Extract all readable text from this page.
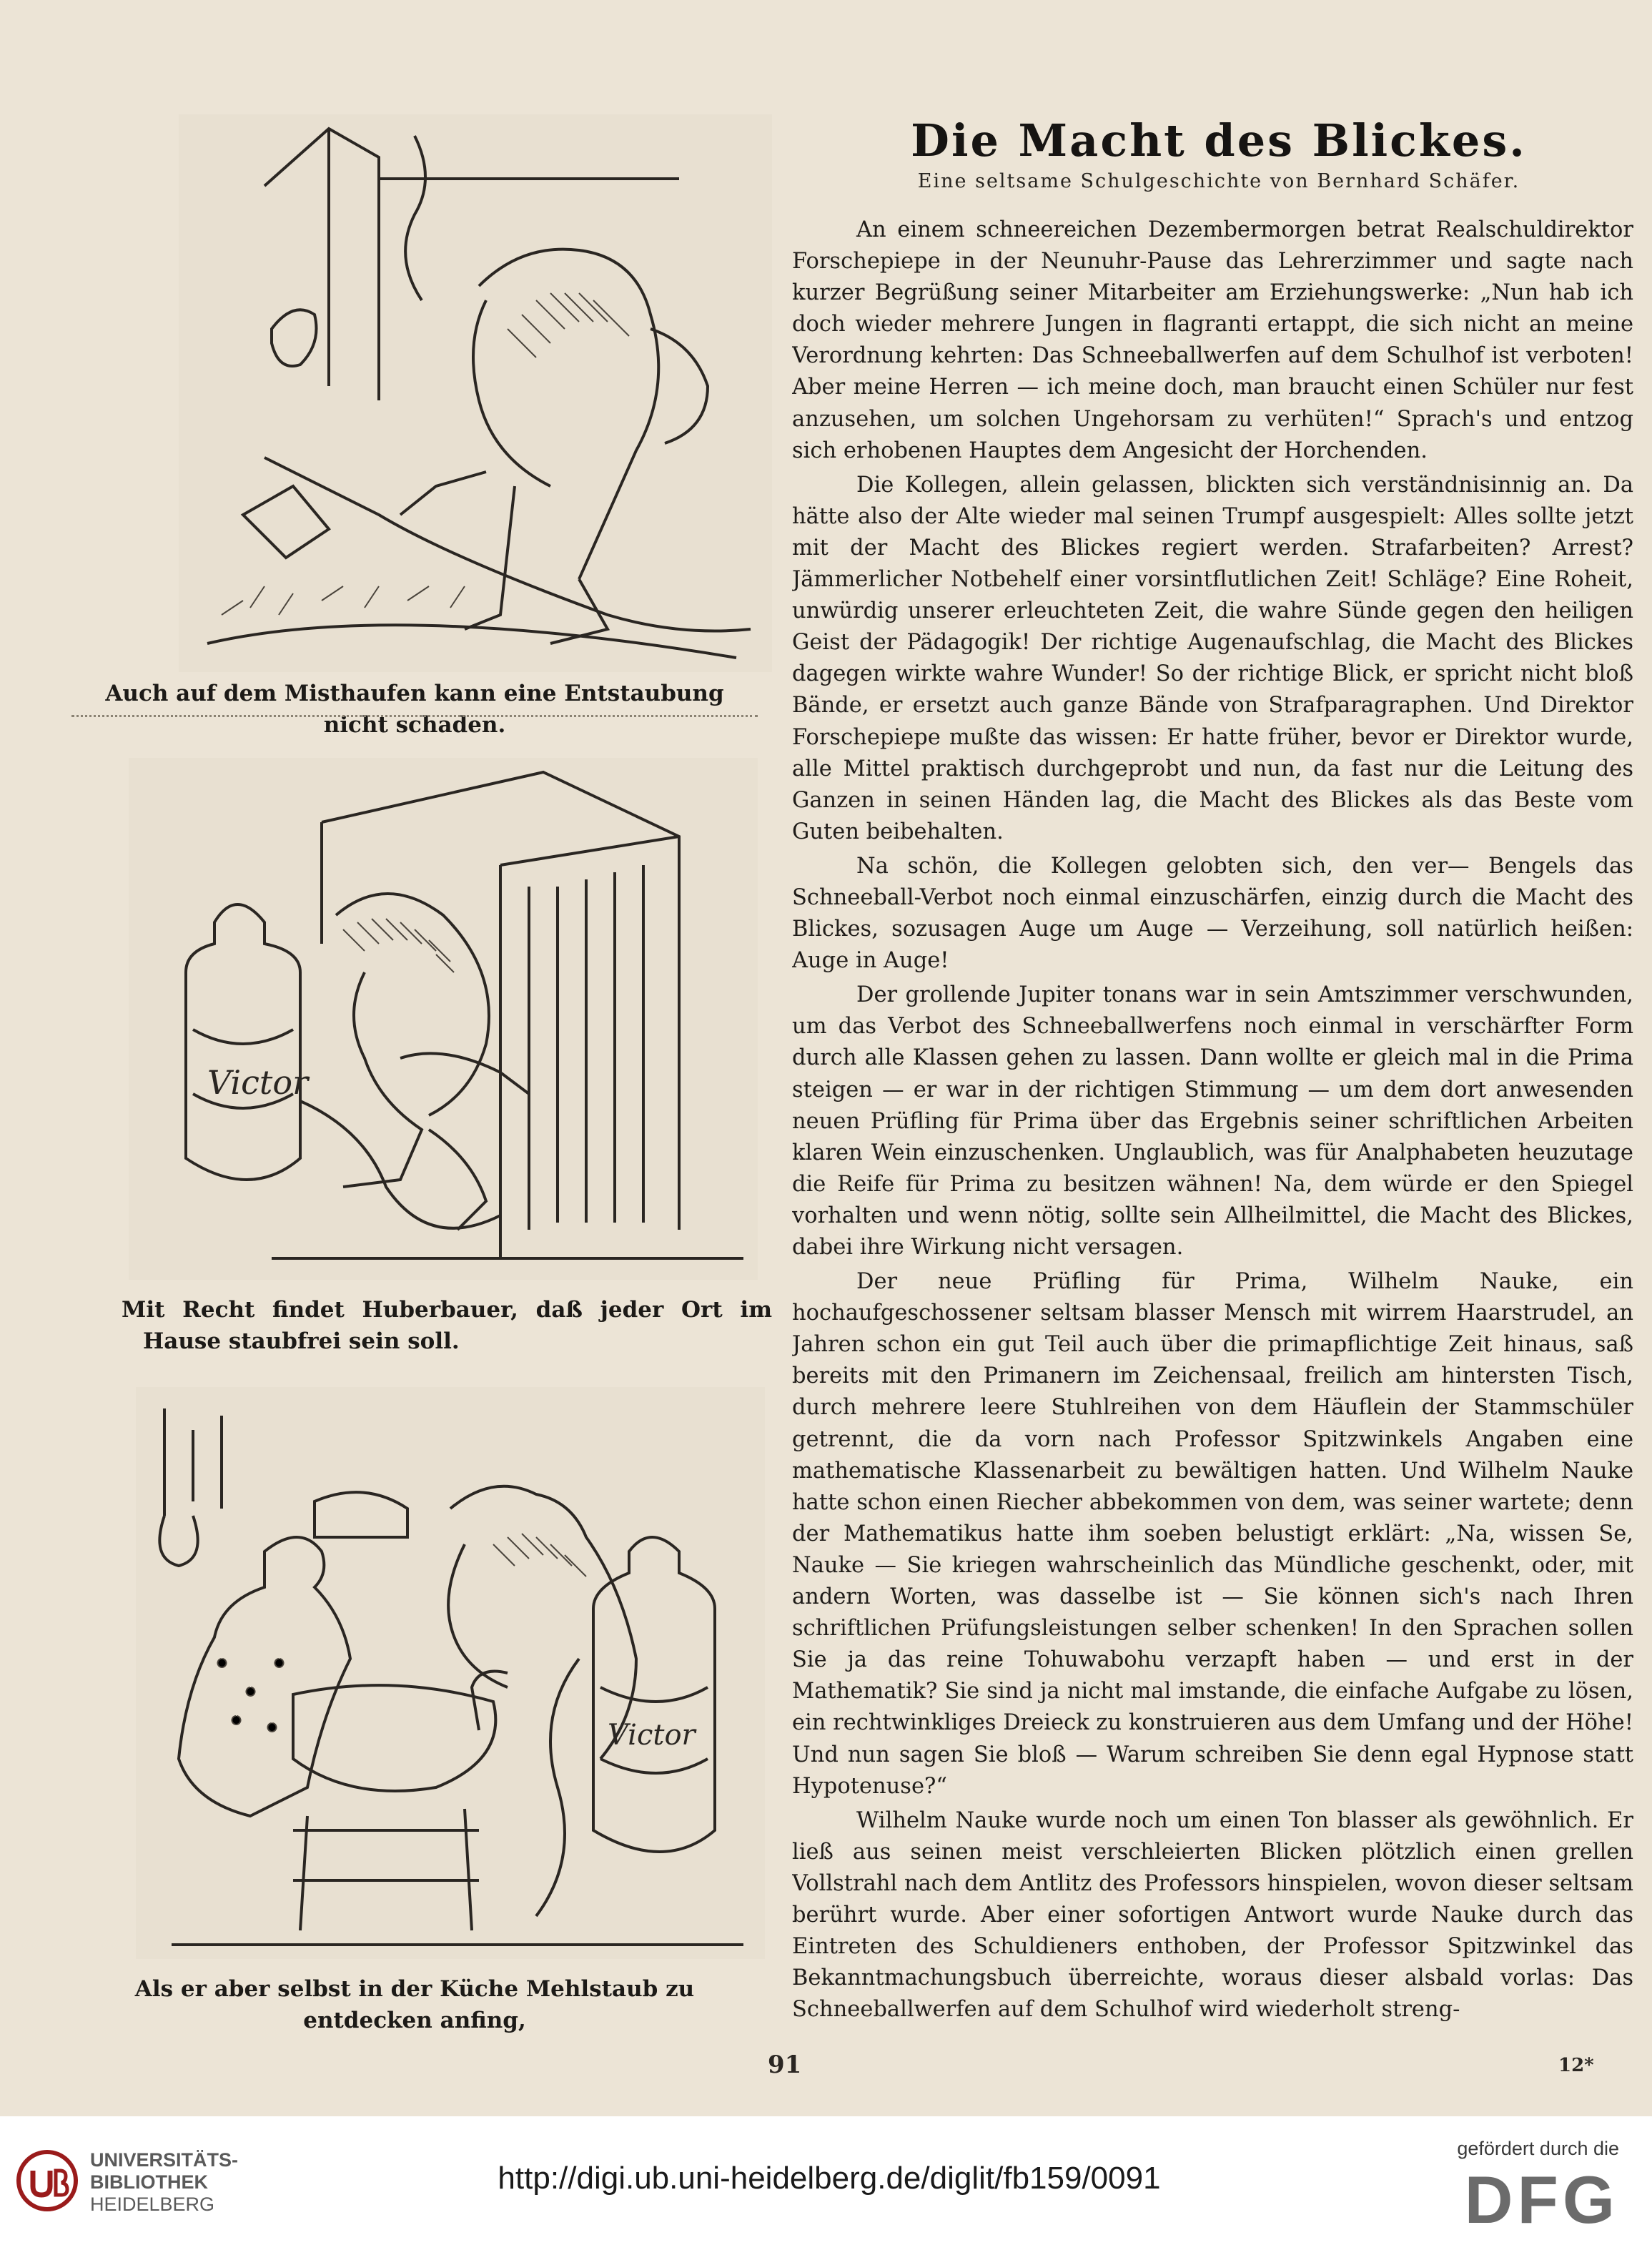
Auch auf dem Misthaufen kann eine Entstaubung nicht schaden.
Victor
Mit Recht findet Huberbauer, daß jeder Ort im Hause staubfrei sein soll.
Victor
Als er aber selbst in der Küche Mehlstaub zu entdecken anfing,
Die Macht des Blickes.
Eine seltsame Schulgeschichte von Bernhard Schäfer.

An einem schneereichen Dezembermorgen betrat Realschuldirektor Forschepiepe in der Neunuhr-Pause das Lehrerzimmer und sagte nach kurzer Begrüßung seiner Mitarbeiter am Erziehungswerke: „Nun hab ich doch wieder mehrere Jungen in flagranti ertappt, die sich nicht an meine Verordnung kehrten: Das Schneeballwerfen auf dem Schulhof ist verboten! Aber meine Herren — ich meine doch, man braucht einen Schüler nur fest anzusehen, um solchen Ungehorsam zu verhüten!“ Sprach's und entzog sich erhobenen Hauptes dem Angesicht der Horchenden.

Die Kollegen, allein gelassen, blickten sich verständnisinnig an. Da hätte also der Alte wieder mal seinen Trumpf ausgespielt: Alles sollte jetzt mit der Macht des Blickes regiert werden. Strafarbeiten? Arrest? Jämmerlicher Notbehelf einer vorsintflutlichen Zeit! Schläge? Eine Roheit, unwürdig unserer erleuchteten Zeit, die wahre Sünde gegen den heiligen Geist der Pädagogik! Der richtige Augenaufschlag, die Macht des Blickes dagegen wirkte wahre Wunder! So der richtige Blick, er spricht nicht bloß Bände, er ersetzt auch ganze Bände von Strafparagraphen. Und Direktor Forschepiepe mußte das wissen: Er hatte früher, bevor er Direktor wurde, alle Mittel praktisch durchgeprobt und nun, da fast nur die Leitung des Ganzen in seinen Händen lag, die Macht des Blickes als das Beste vom Guten beibehalten.

Na schön, die Kollegen gelobten sich, den ver— Bengels das Schneeball-Verbot noch einmal einzuschärfen, einzig durch die Macht des Blickes, sozusagen Auge um Auge — Verzeihung, soll natürlich heißen: Auge in Auge!

Der grollende Jupiter tonans war in sein Amtszimmer verschwunden, um das Verbot des Schneeballwerfens noch einmal in verschärfter Form durch alle Klassen gehen zu lassen. Dann wollte er gleich mal in die Prima steigen — er war in der richtigen Stimmung — um dem dort anwesenden neuen Prüfling für Prima über das Ergebnis seiner schriftlichen Arbeiten klaren Wein einzuschenken. Unglaublich, was für Analphabeten heuzutage die Reife für Prima zu besitzen wähnen! Na, dem würde er den Spiegel vorhalten und wenn nötig, sollte sein Allheilmittel, die Macht des Blickes, dabei ihre Wirkung nicht versagen.

Der neue Prüfling für Prima, Wilhelm Nauke, ein hochaufgeschossener seltsam blasser Mensch mit wirrem Haarstrudel, an Jahren schon ein gut Teil auch über die primapflichtige Zeit hinaus, saß bereits mit den Primanern im Zeichensaal, freilich am hintersten Tisch, durch mehrere leere Stuhlreihen von dem Häuflein der Stammschüler getrennt, die da vorn nach Professor Spitzwinkels Angaben eine mathematische Klassenarbeit zu bewältigen hatten. Und Wilhelm Nauke hatte schon einen Riecher abbekommen von dem, was seiner wartete; denn der Mathematikus hatte ihm soeben belustigt erklärt: „Na, wissen Se, Nauke — Sie kriegen wahrscheinlich das Mündliche geschenkt, oder, mit andern Worten, was dasselbe ist — Sie können sich's nach Ihren schriftlichen Prüfungsleistungen selber schenken! In den Sprachen sollen Sie ja das reine Tohuwabohu verzapft haben — und erst in der Mathematik? Sie sind ja nicht mal imstande, die einfache Aufgabe zu lösen, ein rechtwinkliges Dreieck zu konstruieren aus dem Umfang und der Höhe! Und nun sagen Sie bloß — Warum schreiben Sie denn egal Hypnose statt Hypotenuse?“

Wilhelm Nauke wurde noch um einen Ton blasser als gewöhnlich. Er ließ aus seinen meist verschleierten Blicken plötzlich einen grellen Vollstrahl nach dem Antlitz des Professors hinspielen, wovon dieser seltsam berührt wurde. Aber einer sofortigen Antwort wurde Nauke durch das Eintreten des Schuldieners enthoben, der Professor Spitzwinkel das Bekanntmachungsbuch überreichte, woraus dieser alsbald vorlas: Das Schneeballwerfen auf dem Schulhof wird wiederholt streng-

91	12*
UNIVERSITÄTS-
BIBLIOTHEK
HEIDELBERG
http://digi.ub.uni-heidelberg.de/diglit/fb159/0091
gefördert durch die
DFG
